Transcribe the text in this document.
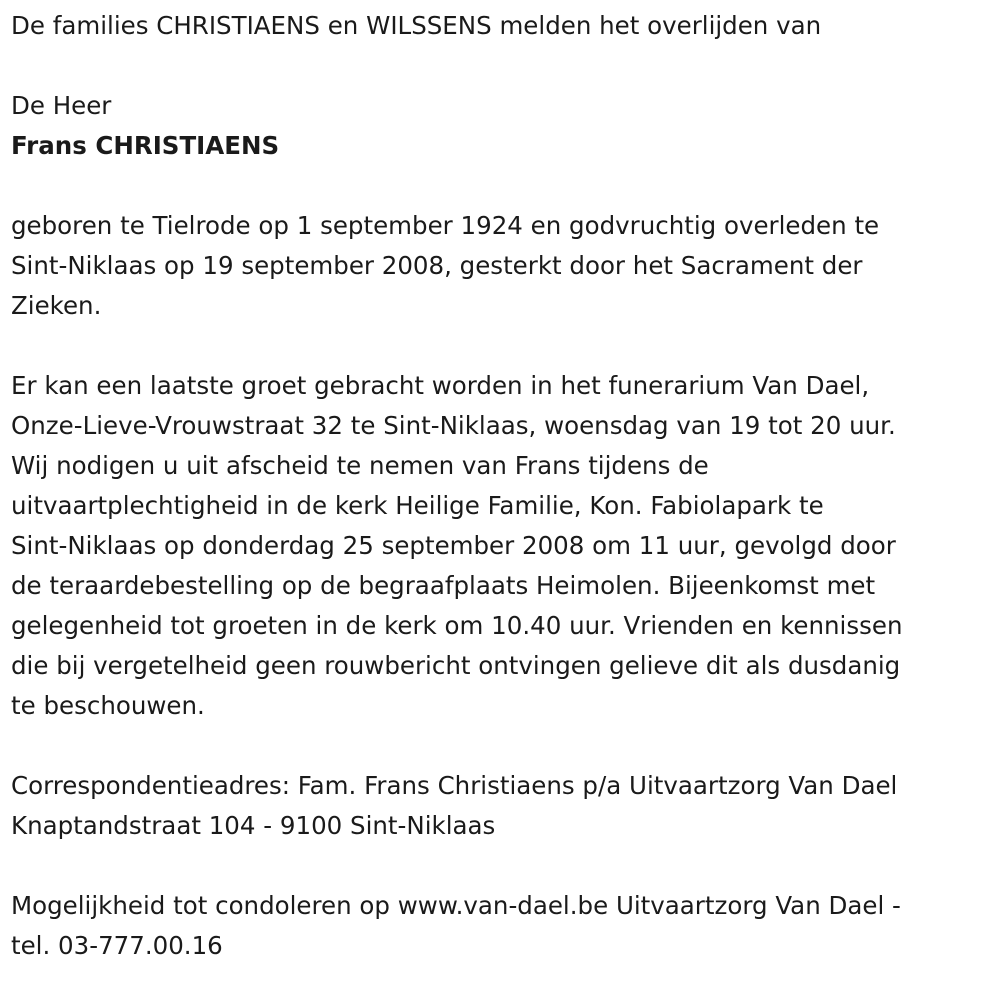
De families CHRISTIAENS en WILSSENS melden het overlijden van
De Heer
Frans CHRISTIAENS
geboren te Tielrode op 1 september 1924 en godvruchtig overleden te
Sint-Niklaas op 19 september 2008, gesterkt door het Sacrament der
Zieken.
Er kan een laatste groet gebracht worden in het funerarium Van Dael,
Onze-Lieve-Vrouwstraat 32 te Sint-Niklaas, woensdag van 19 tot 20 uur.
Wij nodigen u uit afscheid te nemen van Frans tijdens de
uitvaartplechtigheid in de kerk Heilige Familie, Kon. Fabiolapark te
Sint-Niklaas op donderdag 25 september 2008 om 11 uur, gevolgd door
de teraardebestelling op de begraafplaats Heimolen. Bijeenkomst met
gelegenheid tot groeten in de kerk om 10.40 uur. Vrienden en kennissen
die bij vergetelheid geen rouwbericht ontvingen gelieve dit als dusdanig
te beschouwen.
Correspondentieadres: Fam. Frans Christiaens p/a Uitvaartzorg Van Dael
Knaptandstraat 104 - 9100 Sint-Niklaas
Mogelijkheid tot condoleren op www.van-dael.be Uitvaartzorg Van Dael -
tel. 03-777.00.16
